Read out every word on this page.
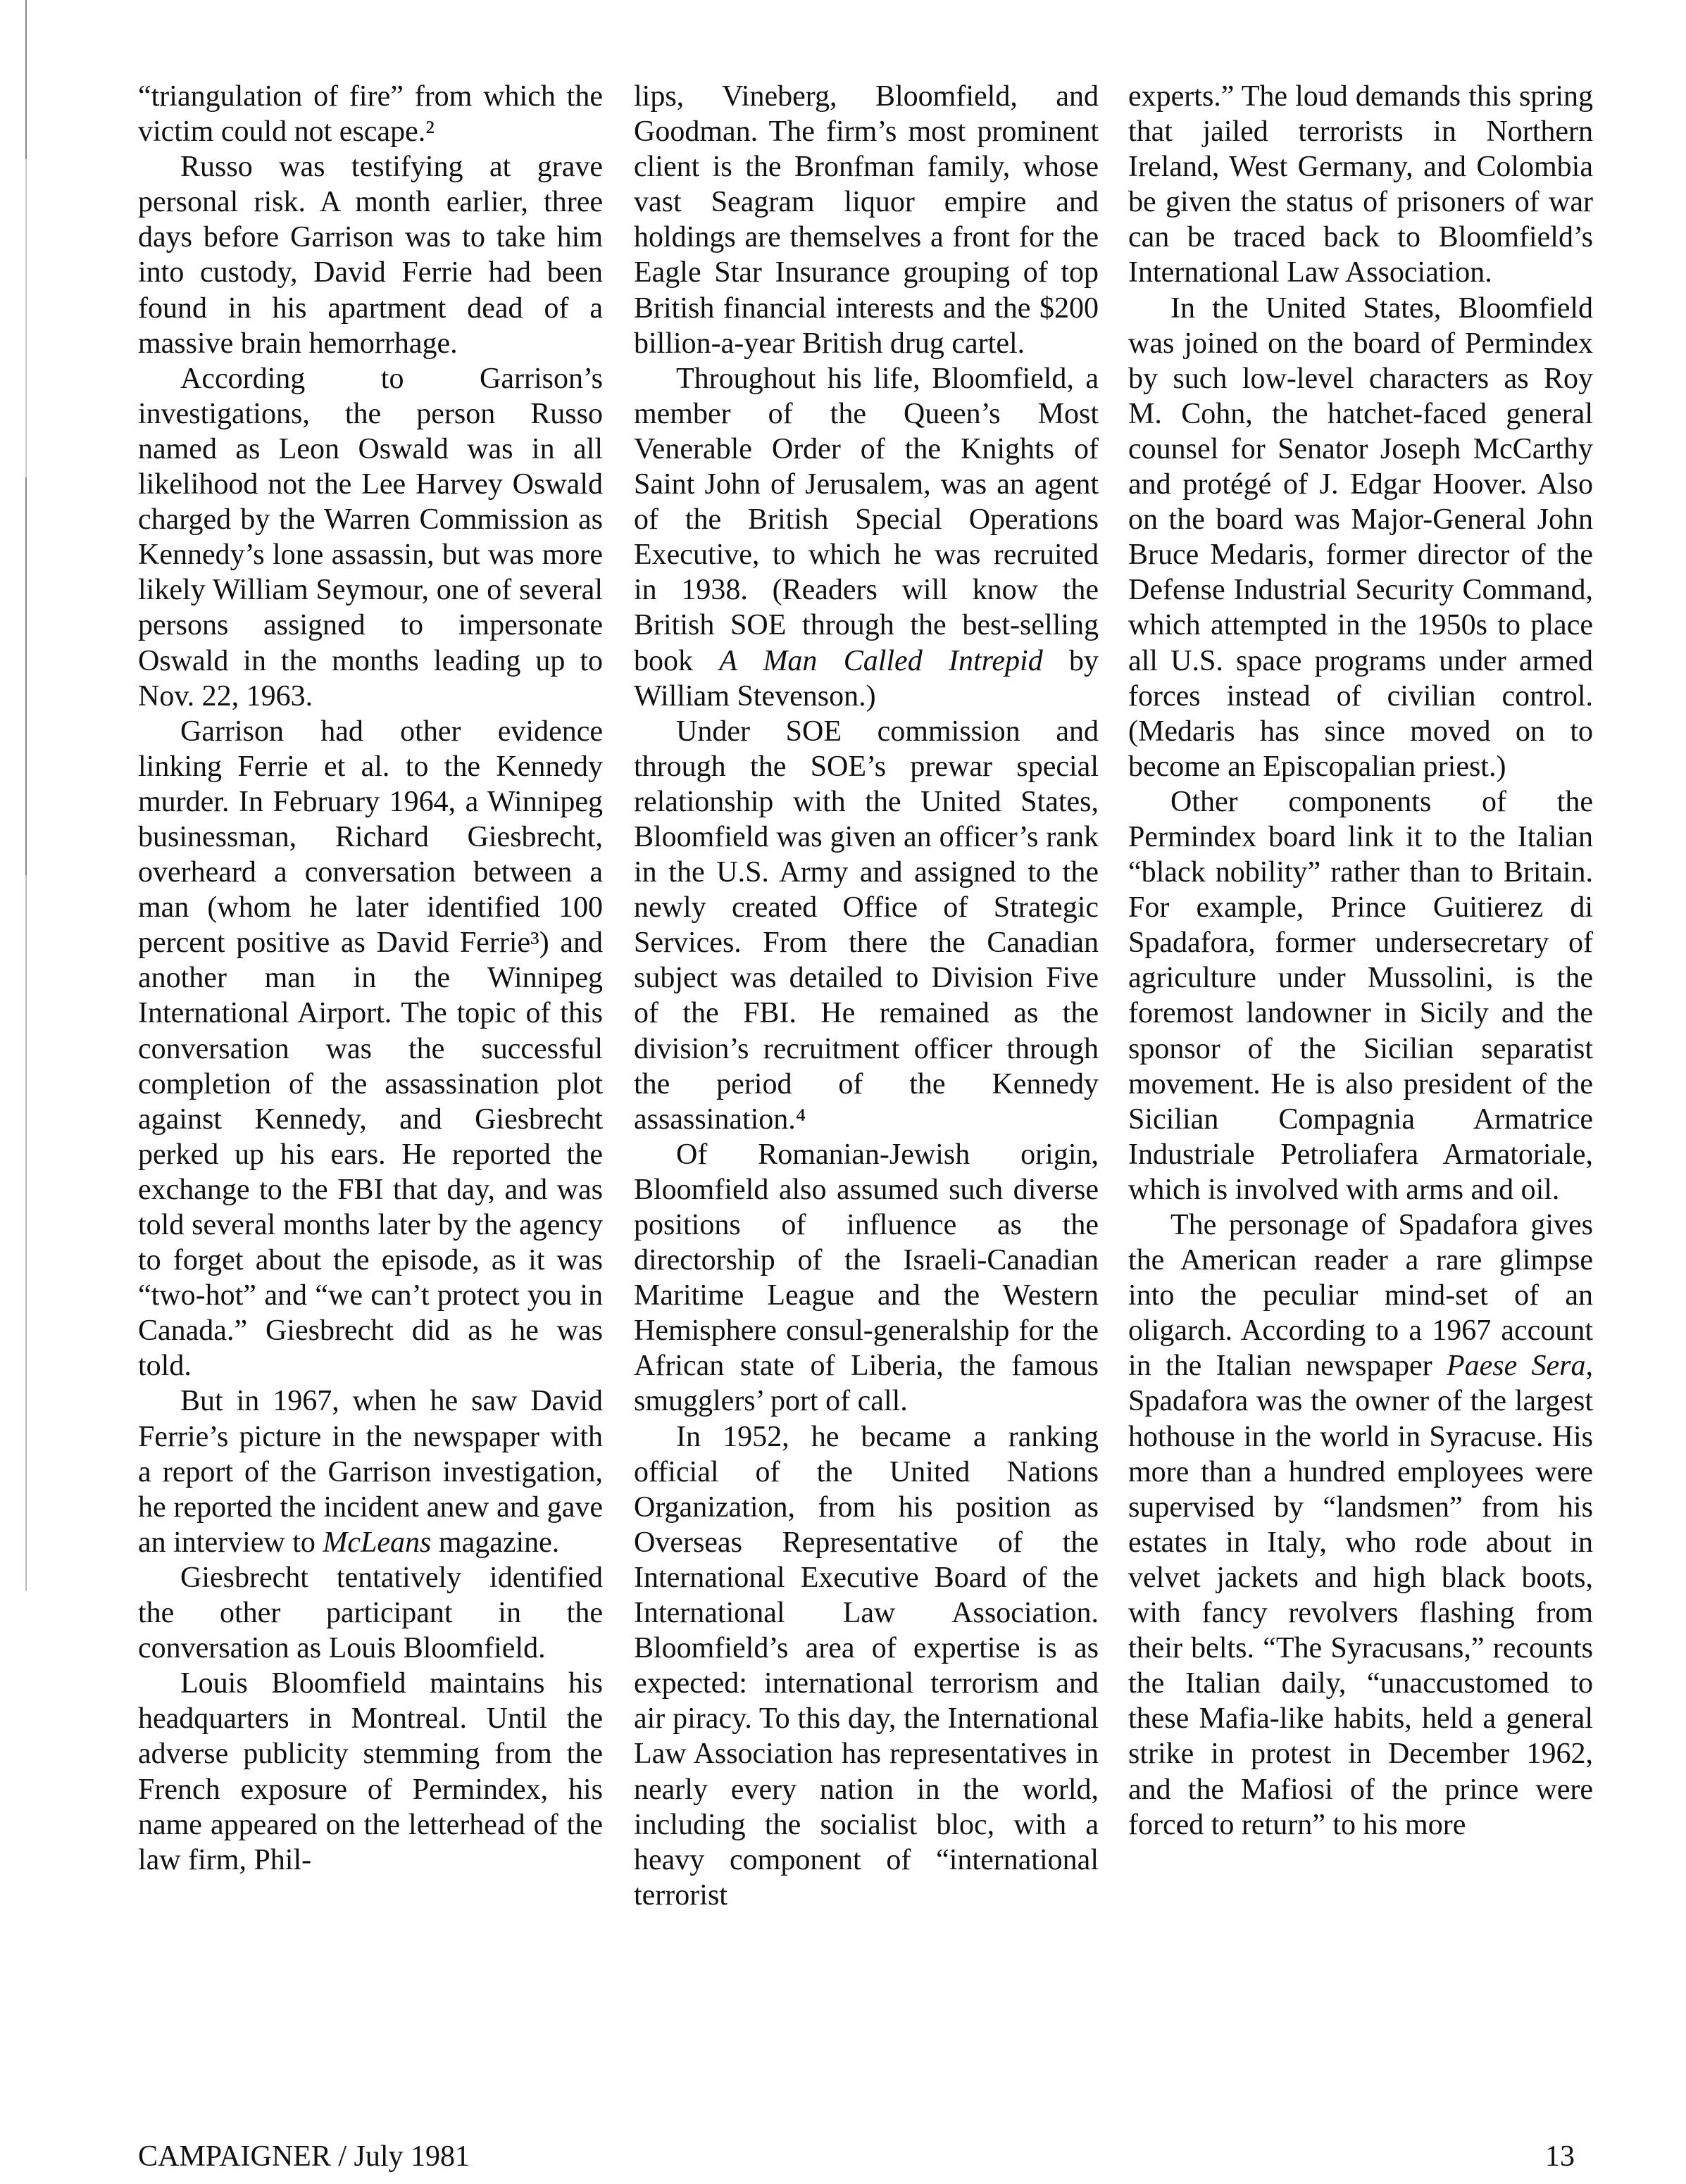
“triangulation of fire” from which the victim could not escape.²

Russo was testifying at grave personal risk. A month earlier, three days before Garrison was to take him into custody, David Ferrie had been found in his apartment dead of a massive brain hemorrhage.

According to Garrison’s investigations, the person Russo named as Leon Oswald was in all likelihood not the Lee Harvey Oswald charged by the Warren Commission as Kennedy’s lone assassin, but was more likely William Seymour, one of several persons assigned to impersonate Oswald in the months leading up to Nov. 22, 1963.

Garrison had other evidence linking Ferrie et al. to the Kennedy murder. In February 1964, a Winnipeg businessman, Richard Giesbrecht, overheard a conversation between a man (whom he later identified 100 percent positive as David Ferrie³) and another man in the Winnipeg International Airport. The topic of this conversation was the successful completion of the assassination plot against Kennedy, and Giesbrecht perked up his ears. He reported the exchange to the FBI that day, and was told several months later by the agency to forget about the episode, as it was “two-hot” and “we can’t protect you in Canada.” Giesbrecht did as he was told.

But in 1967, when he saw David Ferrie’s picture in the newspaper with a report of the Garrison investigation, he reported the incident anew and gave an interview to McLeans magazine.

Giesbrecht tentatively identified the other participant in the conversation as Louis Bloomfield.

Louis Bloomfield maintains his headquarters in Montreal. Until the adverse publicity stemming from the French exposure of Permindex, his name appeared on the letterhead of the law firm, Phil-

lips, Vineberg, Bloomfield, and Goodman. The firm’s most prominent client is the Bronfman family, whose vast Seagram liquor empire and holdings are themselves a front for the Eagle Star Insurance grouping of top British financial interests and the $200 billion-a-year British drug cartel.

Throughout his life, Bloomfield, a member of the Queen’s Most Venerable Order of the Knights of Saint John of Jerusalem, was an agent of the British Special Operations Executive, to which he was recruited in 1938. (Readers will know the British SOE through the best-selling book A Man Called Intrepid by William Stevenson.)

Under SOE commission and through the SOE’s prewar special relationship with the United States, Bloomfield was given an officer’s rank in the U.S. Army and assigned to the newly created Office of Strategic Services. From there the Canadian subject was detailed to Division Five of the FBI. He remained as the division’s recruitment officer through the period of the Kennedy assassination.⁴

Of Romanian-Jewish origin, Bloomfield also assumed such diverse positions of influence as the directorship of the Israeli-Canadian Maritime League and the Western Hemisphere consul-generalship for the African state of Liberia, the famous smugglers’ port of call.

In 1952, he became a ranking official of the United Nations Organization, from his position as Overseas Representative of the International Executive Board of the International Law Association. Bloomfield’s area of expertise is as expected: international terrorism and air piracy. To this day, the International Law Association has representatives in nearly every nation in the world, including the socialist bloc, with a heavy component of “international terrorist

experts.” The loud demands this spring that jailed terrorists in Northern Ireland, West Germany, and Colombia be given the status of prisoners of war can be traced back to Bloomfield’s International Law Association.

In the United States, Bloomfield was joined on the board of Permindex by such low-level characters as Roy M. Cohn, the hatchet-faced general counsel for Senator Joseph McCarthy and protégé of J. Edgar Hoover. Also on the board was Major-General John Bruce Medaris, former director of the Defense Industrial Security Command, which attempted in the 1950s to place all U.S. space programs under armed forces instead of civilian control. (Medaris has since moved on to become an Episcopalian priest.)

Other components of the Permindex board link it to the Italian “black nobility” rather than to Britain. For example, Prince Guitierez di Spadafora, former undersecretary of agriculture under Mussolini, is the foremost landowner in Sicily and the sponsor of the Sicilian separatist movement. He is also president of the Sicilian Compagnia Armatrice Industriale Petroliafera Armatoriale, which is involved with arms and oil.

The personage of Spadafora gives the American reader a rare glimpse into the peculiar mind-set of an oligarch. According to a 1967 account in the Italian newspaper Paese Sera, Spadafora was the owner of the largest hothouse in the world in Syracuse. His more than a hundred employees were supervised by “landsmen” from his estates in Italy, who rode about in velvet jackets and high black boots, with fancy revolvers flashing from their belts. “The Syracusans,” recounts the Italian daily, “unaccustomed to these Mafia-like habits, held a general strike in protest in December 1962, and the Mafiosi of the prince were forced to return” to his more

CAMPAIGNER / July 1981	13
